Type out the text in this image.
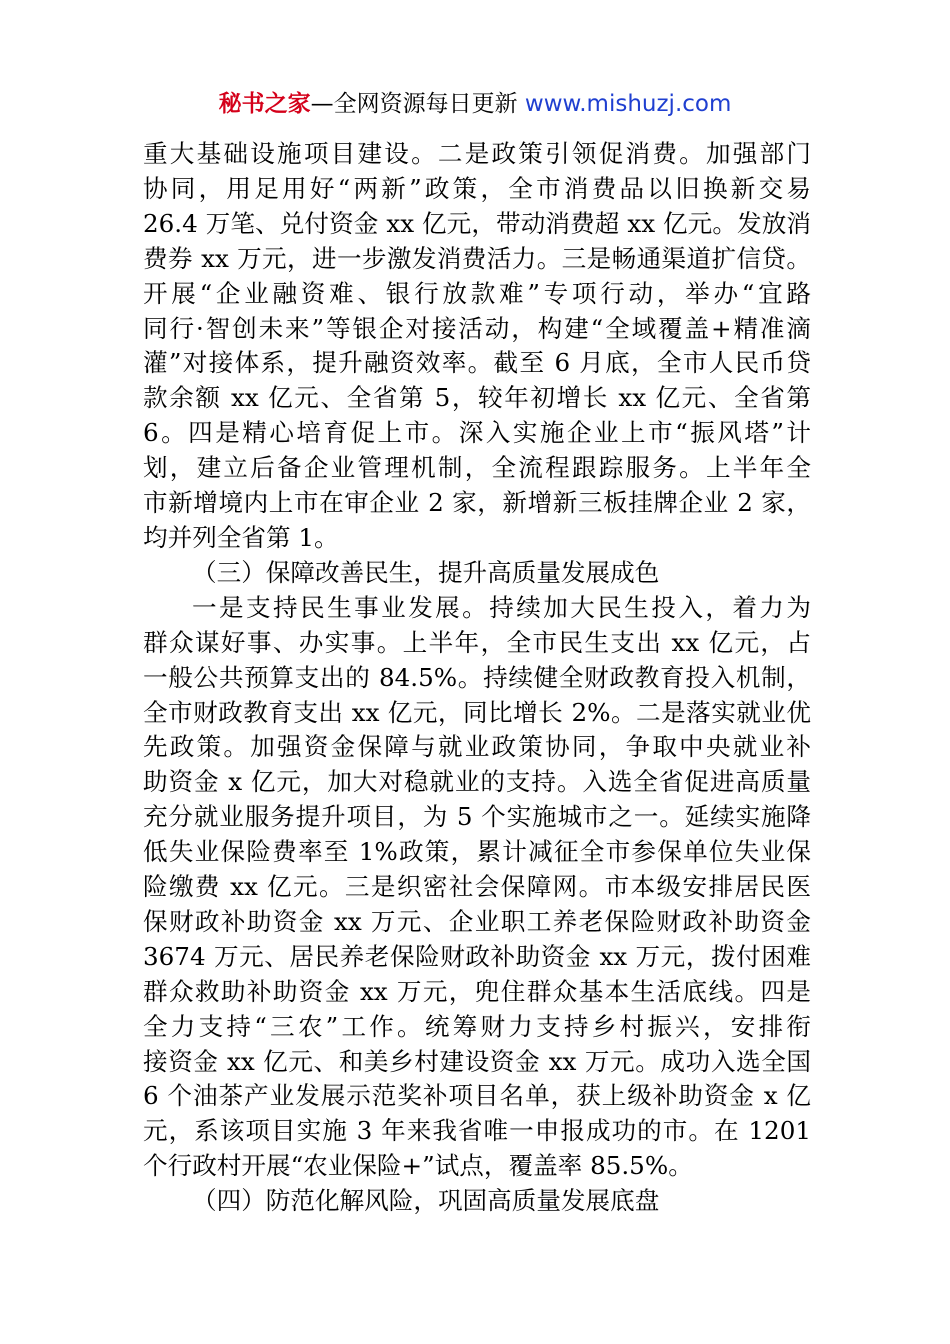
秘书之家—全网资源每日更新 www.mishuzj.com

重大基础设施项目建设。二是政策引领促消费。加强部门
协同，用足用好“两新”政策，全市消费品以旧换新交易
26.4 万笔、兑付资金 xx 亿元，带动消费超 xx 亿元。发放消
费券 xx 万元，进一步激发消费活力。三是畅通渠道扩信贷。
开展“企业融资难、银行放款难”专项行动，举办“宜路
同行·智创未来”等银企对接活动，构建“全域覆盖+精准滴
灌”对接体系，提升融资效率。截至 6 月底，全市人民币贷
款余额 xx 亿元、全省第 5，较年初增长 xx 亿元、全省第
6。四是精心培育促上市。深入实施企业上市“振风塔”计
划，建立后备企业管理机制，全流程跟踪服务。上半年全
市新增境内上市在审企业 2 家，新增新三板挂牌企业 2 家，
均并列全省第 1。

（三）保障改善民生，提升高质量发展成色

一是支持民生事业发展。持续加大民生投入，着力为
群众谋好事、办实事。上半年，全市民生支出 xx 亿元，占
一般公共预算支出的 84.5%。持续健全财政教育投入机制，
全市财政教育支出 xx 亿元，同比增长 2%。二是落实就业优
先政策。加强资金保障与就业政策协同，争取中央就业补
助资金 x 亿元，加大对稳就业的支持。入选全省促进高质量
充分就业服务提升项目，为 5 个实施城市之一。延续实施降
低失业保险费率至 1%政策，累计减征全市参保单位失业保
险缴费 xx 亿元。三是织密社会保障网。市本级安排居民医
保财政补助资金 xx 万元、企业职工养老保险财政补助资金
3674 万元、居民养老保险财政补助资金 xx 万元，拨付困难
群众救助补助资金 xx 万元，兜住群众基本生活底线。四是
全力支持“三农”工作。统筹财力支持乡村振兴，安排衔
接资金 xx 亿元、和美乡村建设资金 xx 万元。成功入选全国
6 个油茶产业发展示范奖补项目名单，获上级补助资金 x 亿
元，系该项目实施 3 年来我省唯一申报成功的市。在 1201
个行政村开展“农业保险+”试点，覆盖率 85.5%。

（四）防范化解风险，巩固高质量发展底盘
